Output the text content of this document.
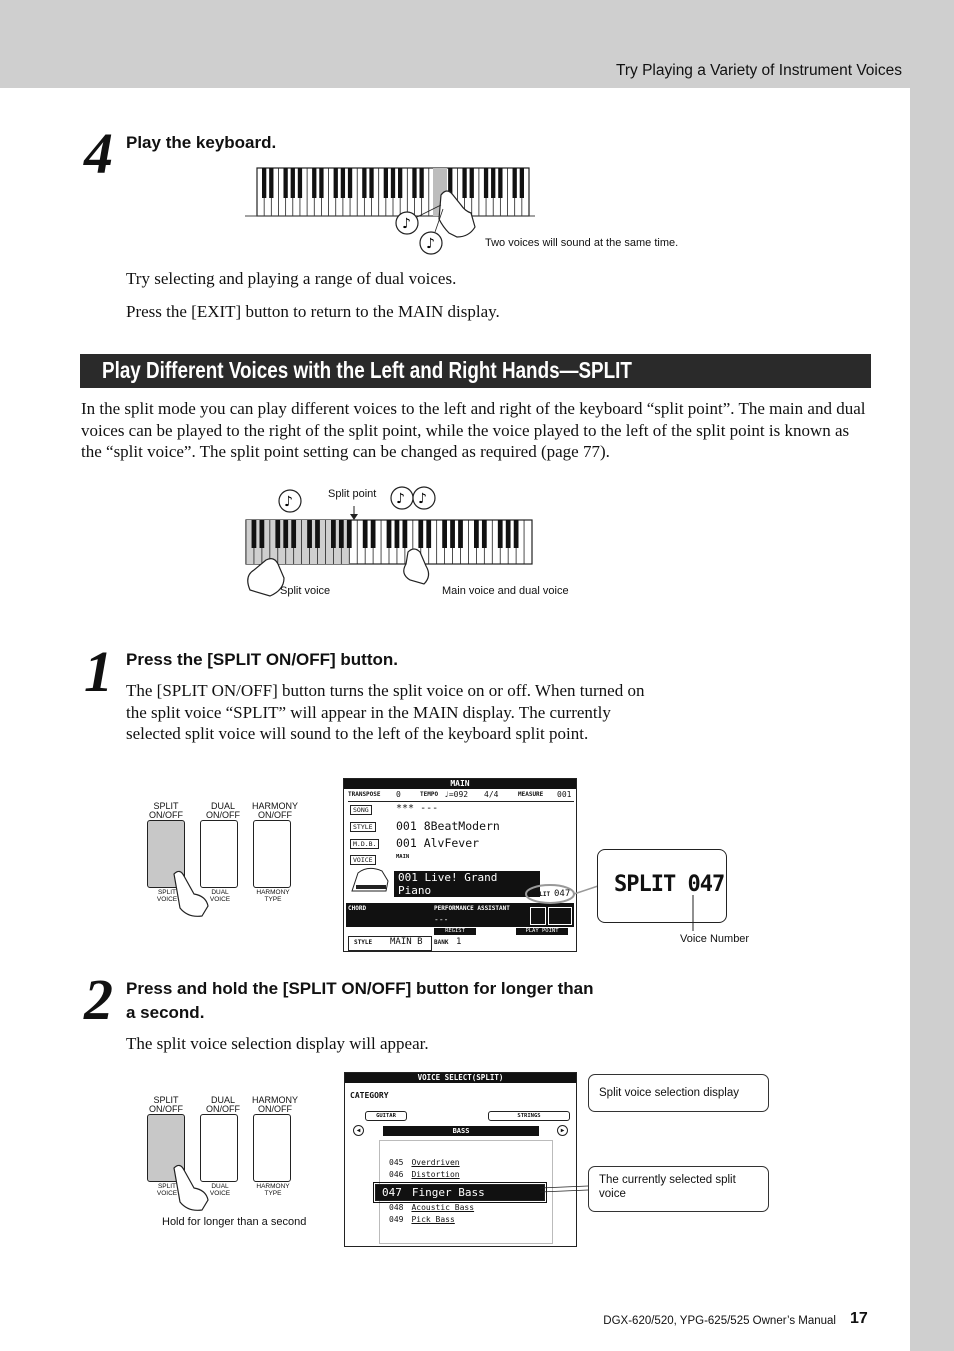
Try Playing a Variety of Instrument Voices
4 Play the keyboard.
♪
♪	Two voices will sound at the same time.
Try selecting and playing a range of dual voices.
Press the [EXIT] button to return to the MAIN display.
Play Different Voices with the Left and Right Hands—SPLIT
In the split mode you can play different voices to the left and right of the keyboard “split point”. The main and dual voices can be played to the right of the split point, while the voice played to the left of the split point is known as the “split voice”. The split point setting can be changed as required (page 77).
♪	♪ ♪
Split point
Split voice	Main voice and dual voice
1 Press the [SPLIT ON/OFF] button.
The [SPLIT ON/OFF] button turns the split voice on or off. When turned on the split voice “SPLIT” will appear in the MAIN display. The currently selected split voice will sound to the left of the keyboard split point.
SPLIT
ON/OFF
DUAL
ON/OFF
HARMONY
ON/OFF
SPLIT
VOICE
DUAL
VOICE
HARMONY
TYPE
MAIN
TRANSPOSE 0	TEMPO ♩=092 4/4	MEASURE 001
SONG	*** ---
STYLE 001 8BeatModern
M.D.B. 001 AlvFever
VOICE	MAIN
001 Live! Grand Piano	SPLIT 047
CHORD	PERFORMANCE ASSISTANT
---
REGIST	PLAY POINT
STYLE MAIN B BANK 1
SPLIT 047
Voice Number
2 Press and hold the [SPLIT ON/OFF] button for longer than
a second.
The split voice selection display will appear.
SPLIT
ON/OFF
DUAL
ON/OFF
HARMONY
ON/OFF
SPLIT
VOICE
DUAL
VOICE
HARMONY
TYPE
Hold for longer than a second
VOICE SELECT(SPLIT)
CATEGORY
GUITAR	STRINGS
◀	▶
BASS
045 Overdriven
046 Distortion
047 Finger Bass
048 Acoustic Bass
049 Pick Bass
Split voice selection display
The currently selected split voice
DGX-620/520, YPG-625/525 Owner’s Manual 17
